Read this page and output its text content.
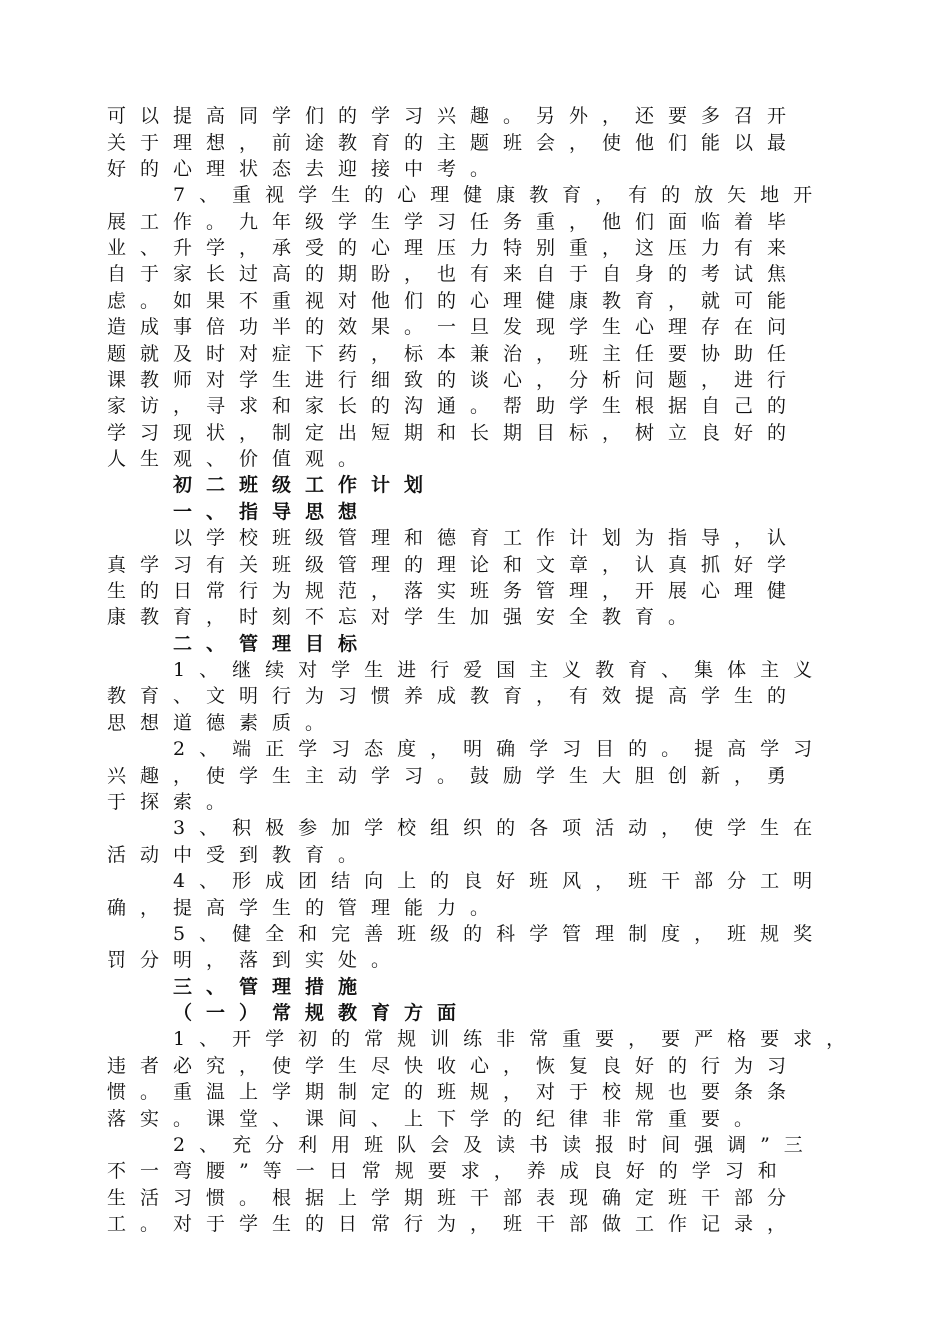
可以提高同学们的学习兴趣。另外，还要多召开
关于理想，前途教育的主题班会，使他们能以最
好的心理状态去迎接中考。
7、重视学生的心理健康教育，有的放矢地开
展工作。九年级学生学习任务重，他们面临着毕
业、升学，承受的心理压力特别重，这压力有来
自于家长过高的期盼，也有来自于自身的考试焦
虑。如果不重视对他们的心理健康教育，就可能
造成事倍功半的效果。一旦发现学生心理存在问
题就及时对症下药，标本兼治，班主任要协助任
课教师对学生进行细致的谈心，分析问题，进行
家访，寻求和家长的沟通。帮助学生根据自己的
学习现状，制定出短期和长期目标，树立良好的
人生观、价值观。
初二班级工作计划
一、指导思想
以学校班级管理和德育工作计划为指导，认
真学习有关班级管理的理论和文章，认真抓好学
生的日常行为规范，落实班务管理，开展心理健
康教育，时刻不忘对学生加强安全教育。
二、管理目标
1、继续对学生进行爱国主义教育、集体主义
教育、文明行为习惯养成教育，有效提高学生的
思想道德素质。
2、端正学习态度，明确学习目的。提高学习
兴趣，使学生主动学习。鼓励学生大胆创新，勇
于探索。
3、积极参加学校组织的各项活动，使学生在
活动中受到教育。
4、形成团结向上的良好班风，班干部分工明
确，提高学生的管理能力。
5、健全和完善班级的科学管理制度，班规奖
罚分明，落到实处。
三、管理措施
（一）常规教育方面
1、开学初的常规训练非常重要，要严格要求，
违者必究，使学生尽快收心，恢复良好的行为习
惯。重温上学期制定的班规，对于校规也要条条
落实。课堂、课间、上下学的纪律非常重要。
2、充分利用班队会及读书读报时间强调”三
不一弯腰”等一日常规要求，养成良好的学习和
生活习惯。根据上学期班干部表现确定班干部分
工。对于学生的日常行为，班干部做工作记录，
